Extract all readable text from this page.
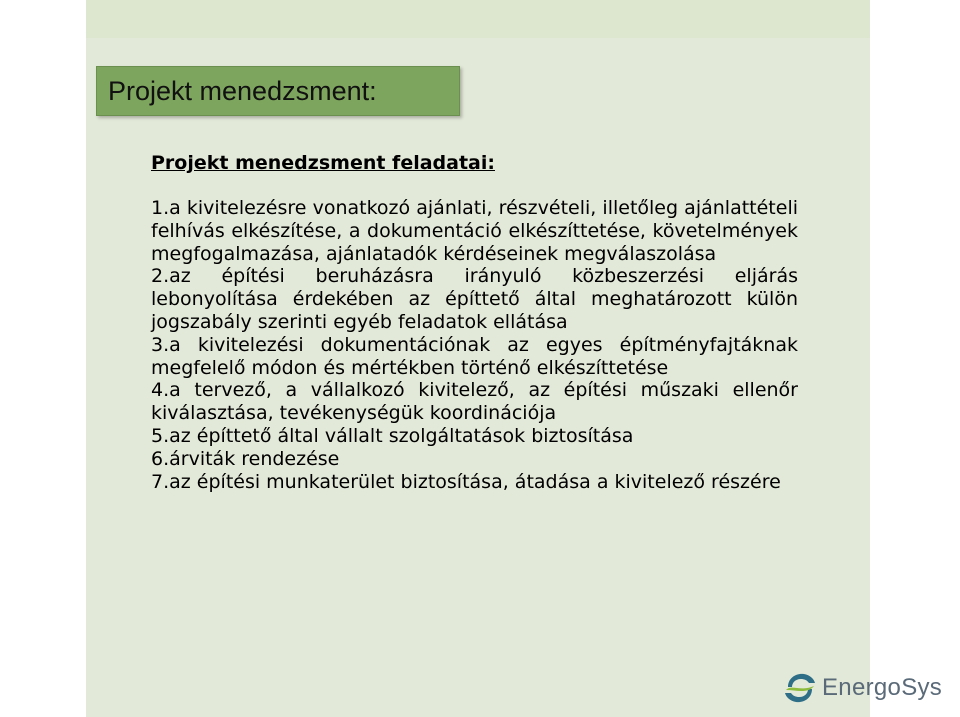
Projekt menedzsment:
Projekt menedzsment feladatai:
1.a kivitelezésre vonatkozó ajánlati, részvételi, illetőleg ajánlattételi felhívás elkészítése, a dokumentáció elkészíttetése, követelmények megfogalmazása, ajánlatadók kérdéseinek megválaszolása
2.az építési beruházásra irányuló közbeszerzési eljárás lebonyolítása érdekében az építtető által meghatározott külön jogszabály szerinti egyéb feladatok ellátása
3.a kivitelezési dokumentációnak az egyes építményfajtáknak megfelelő módon és mértékben történő elkészíttetése
4.a tervező, a vállalkozó kivitelező, az építési műszaki ellenőr kiválasztása, tevékenységük koordinációja
5.az építtető által vállalt szolgáltatások biztosítása
6.árviták rendezése
7.az építési munkaterület biztosítása, átadása a kivitelező részére
EnergoSys
